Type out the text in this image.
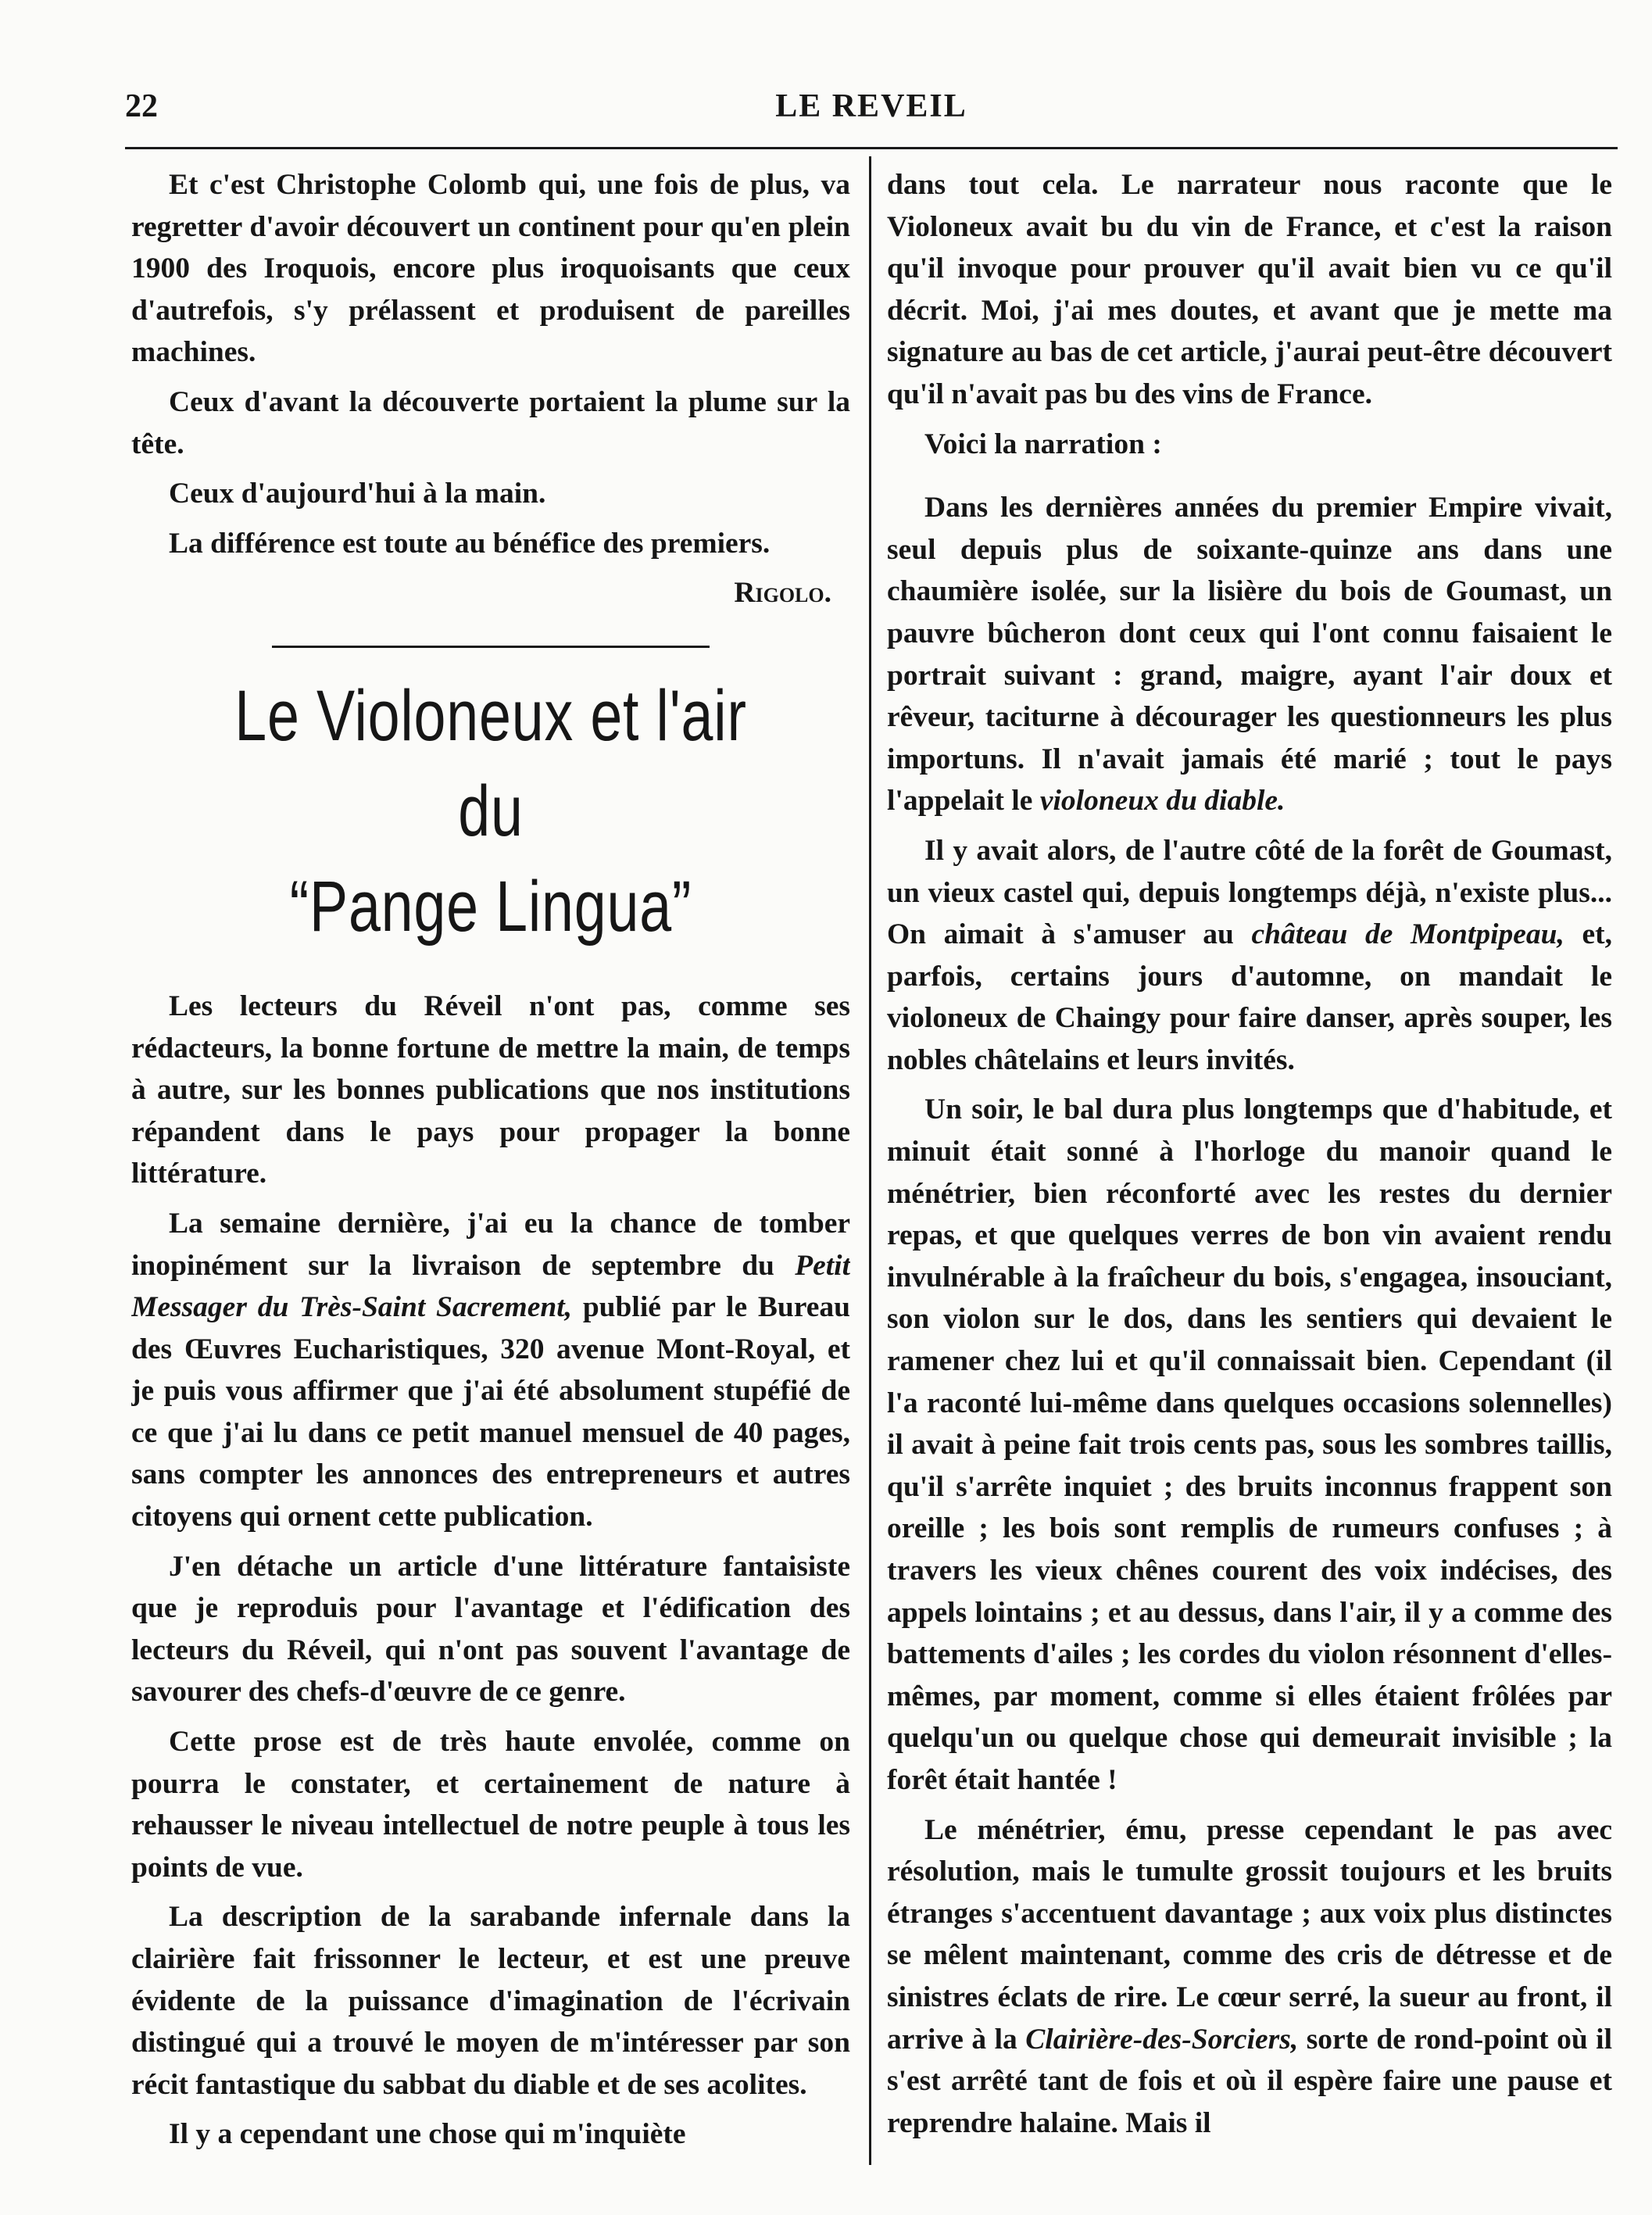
22	LE REVEIL

Et c'est Christophe Colomb qui, une fois de plus, va regretter d'avoir découvert un continent pour qu'en plein 1900 des Iroquois, encore plus iroquoisants que ceux d'autrefois, s'y prélassent et produisent de pareilles machines.

Ceux d'avant la découverte portaient la plume sur la tête.

Ceux d'aujourd'hui à la main.

La différence est toute au bénéfice des premiers.

Rigolo.

Le Violoneux et l'air du
“Pange Lingua”

Les lecteurs du Réveil n'ont pas, comme ses rédacteurs, la bonne fortune de mettre la main, de temps à autre, sur les bonnes publications que nos institutions répandent dans le pays pour propager la bonne littérature.

La semaine dernière, j'ai eu la chance de tomber inopinément sur la livraison de septembre du Petit Messager du Très-Saint Sacrement, publié par le Bureau des Œuvres Eucharistiques, 320 avenue Mont-Royal, et je puis vous affirmer que j'ai été absolument stupéfié de ce que j'ai lu dans ce petit manuel mensuel de 40 pages, sans compter les annonces des entrepreneurs et autres citoyens qui ornent cette publication.

J'en détache un article d'une littérature fantaisiste que je reproduis pour l'avantage et l'édification des lecteurs du Réveil, qui n'ont pas souvent l'avantage de savourer des chefs-d'œuvre de ce genre.

Cette prose est de très haute envolée, comme on pourra le constater, et certainement de nature à rehausser le niveau intellectuel de notre peuple à tous les points de vue.

La description de la sarabande infernale dans la clairière fait frissonner le lecteur, et est une preuve évidente de la puissance d'imagination de l'écrivain distingué qui a trouvé le moyen de m'intéresser par son récit fantastique du sabbat du diable et de ses acolites.

Il y a cependant une chose qui m'inquiète

dans tout cela. Le narrateur nous raconte que le Violoneux avait bu du vin de France, et c'est la raison qu'il invoque pour prouver qu'il avait bien vu ce qu'il décrit. Moi, j'ai mes doutes, et avant que je mette ma signature au bas de cet article, j'aurai peut-être découvert qu'il n'avait pas bu des vins de France.

Voici la narration :

Dans les dernières années du premier Empire vivait, seul depuis plus de soixante-quinze ans dans une chaumière isolée, sur la lisière du bois de Goumast, un pauvre bûcheron dont ceux qui l'ont connu faisaient le portrait suivant : grand, maigre, ayant l'air doux et rêveur, taciturne à décourager les questionneurs les plus importuns. Il n'avait jamais été marié ; tout le pays l'appelait le violoneux du diable.

Il y avait alors, de l'autre côté de la forêt de Goumast, un vieux castel qui, depuis longtemps déjà, n'existe plus... On aimait à s'amuser au château de Montpipeau, et, parfois, certains jours d'automne, on mandait le violoneux de Chaingy pour faire danser, après souper, les nobles châtelains et leurs invités.

Un soir, le bal dura plus longtemps que d'habitude, et minuit était sonné à l'horloge du manoir quand le ménétrier, bien réconforté avec les restes du dernier repas, et que quelques verres de bon vin avaient rendu invulnérable à la fraîcheur du bois, s'engagea, insouciant, son violon sur le dos, dans les sentiers qui devaient le ramener chez lui et qu'il connaissait bien. Cependant (il l'a raconté lui-même dans quelques occasions solennelles) il avait à peine fait trois cents pas, sous les sombres taillis, qu'il s'arrête inquiet ; des bruits inconnus frappent son oreille ; les bois sont remplis de rumeurs confuses ; à travers les vieux chênes courent des voix indécises, des appels lointains ; et au dessus, dans l'air, il y a comme des battements d'ailes ; les cordes du violon résonnent d'elles-mêmes, par moment, comme si elles étaient frôlées par quelqu'un ou quelque chose qui demeurait invisible ; la forêt était hantée !

Le ménétrier, ému, presse cependant le pas avec résolution, mais le tumulte grossit toujours et les bruits étranges s'accentuent davantage ; aux voix plus distinctes se mêlent maintenant, comme des cris de détresse et de sinistres éclats de rire. Le cœur serré, la sueur au front, il arrive à la Clairière-des-Sorciers, sorte de rond-point où il s'est arrêté tant de fois et où il espère faire une pause et reprendre halaine. Mais il
